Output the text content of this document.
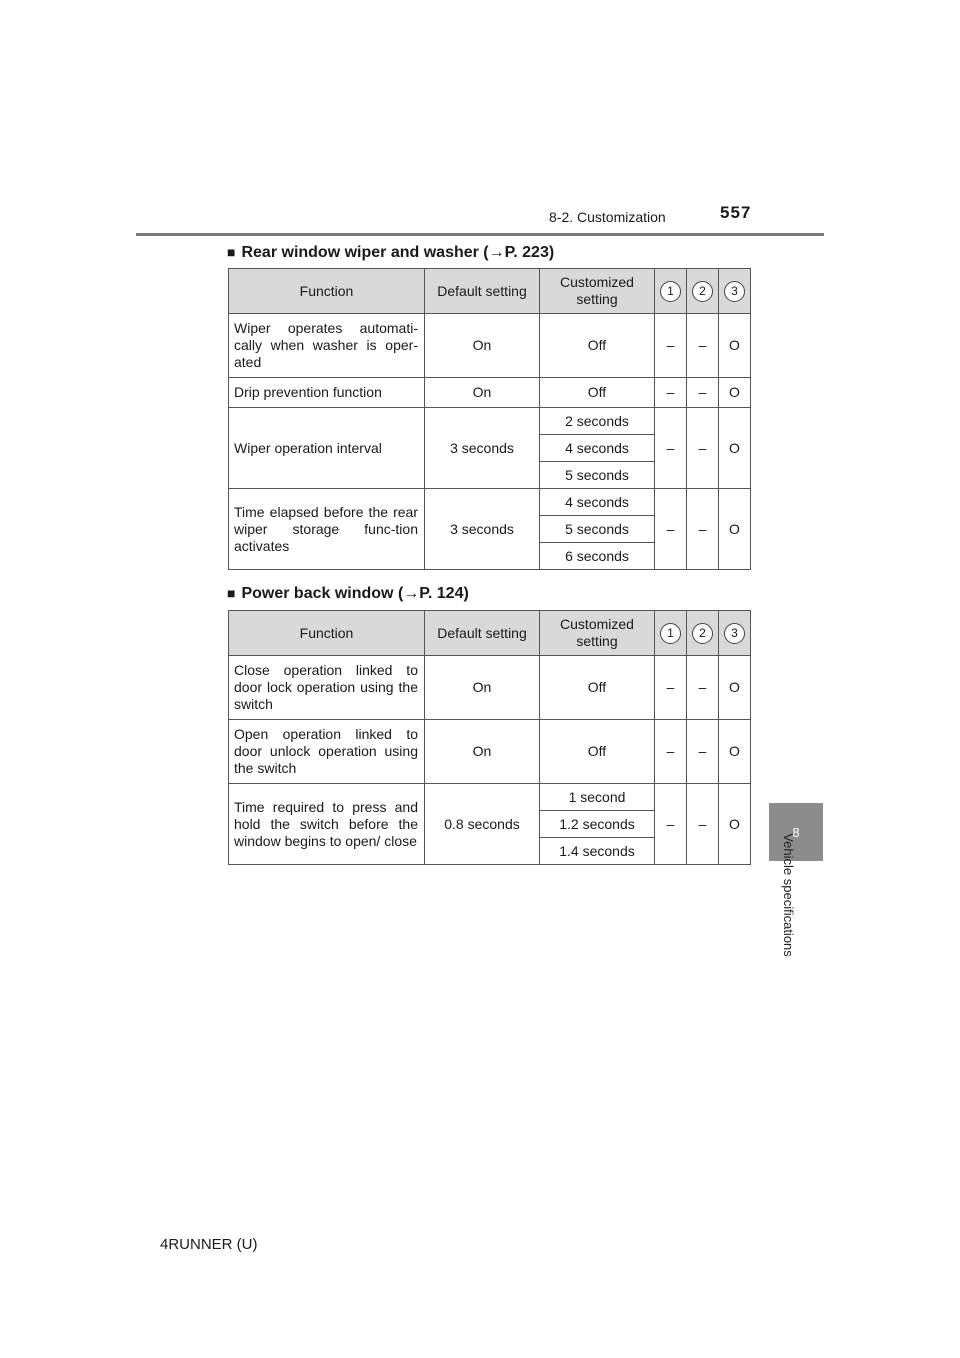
8-2. Customization	557
8
Vehicle specifications
■ Rear window wiper and washer (→P. 223)
Function	Default setting	Customized setting	1	2	3
Wiper operates automati-cally when washer is oper-ated	On	Off	–	–	O
Drip prevention function	On	Off	–	–	O
Wiper operation interval	3 seconds	2 seconds	–	–	O
		4 seconds			
		5 seconds			
Time elapsed before the rear wiper storage func-tion activates	3 seconds	4 seconds	–	–	O
		5 seconds			
		6 seconds			
■ Power back window (→P. 124)
Function	Default setting	Customized setting	1	2	3
Close operation linked to door lock operation using the switch	On	Off	–	–	O
Open operation linked to door unlock operation using the switch	On	Off	–	–	O
Time required to press and hold the switch before the window begins to open/ close	0.8 seconds	1 second	–	–	O
		1.2 seconds			
		1.4 seconds			
4RUNNER (U)
